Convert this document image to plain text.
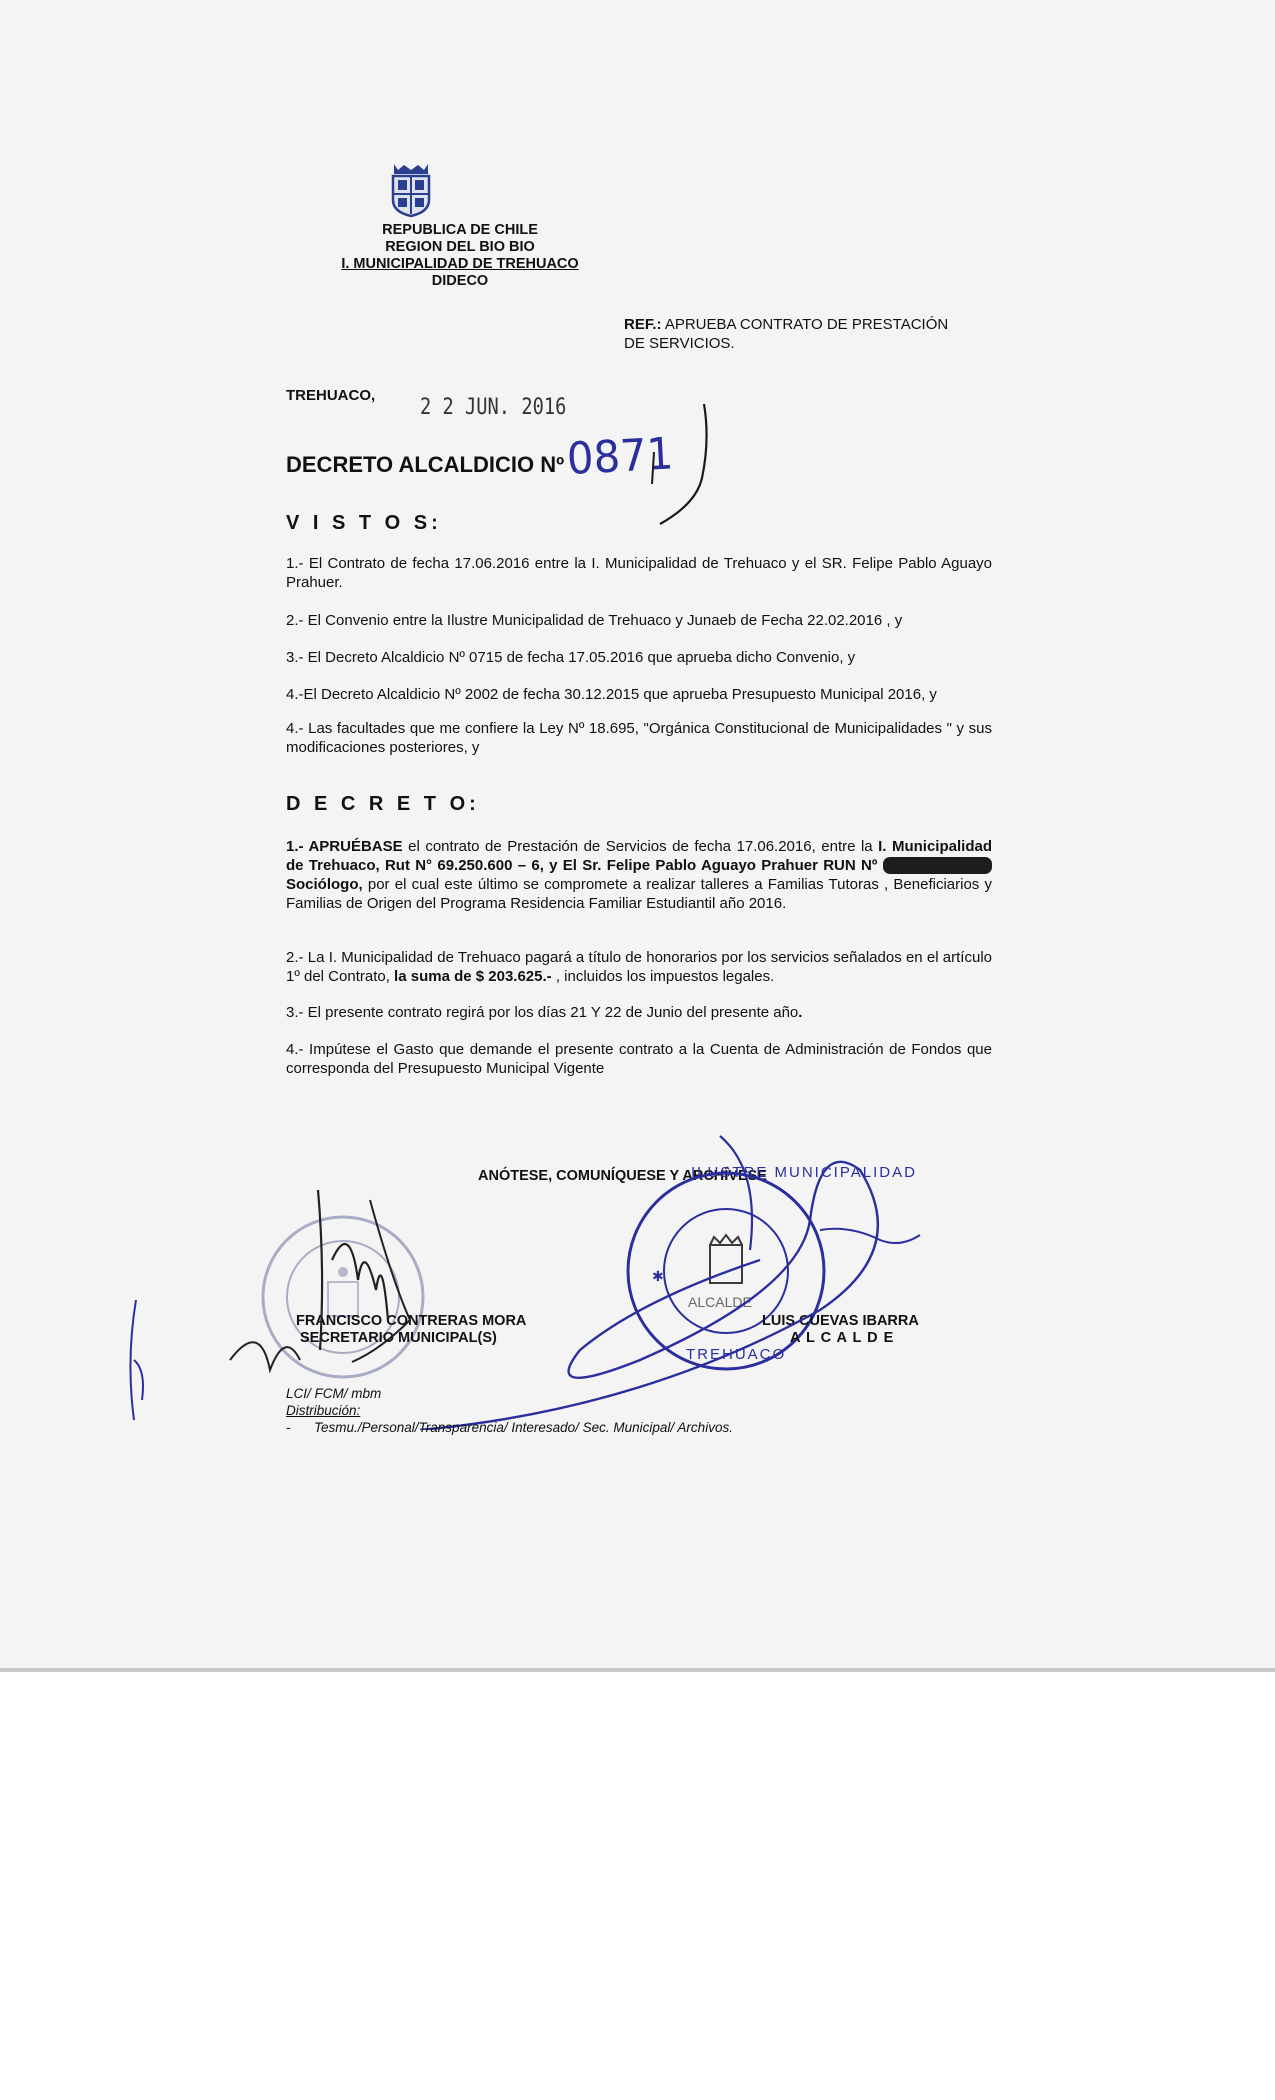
REPUBLICA DE CHILE
REGION DEL BIO BIO
I. MUNICIPALIDAD DE TREHUACO
DIDECO
REF.: APRUEBA CONTRATO DE PRESTACIÓN
DE SERVICIOS.
TREHUACO, 2 2 JUN. 2016
DECRETO ALCALDICIO Nº 0871
V I S T O S:
1.- El Contrato de fecha 17.06.2016 entre la I. Municipalidad de Trehuaco y el SR. Felipe Pablo Aguayo Prahuer.
2.- El Convenio entre la Ilustre Municipalidad de Trehuaco y Junaeb de Fecha 22.02.2016 , y
3.- El Decreto Alcaldicio Nº 0715 de fecha 17.05.2016 que aprueba dicho Convenio, y
4.-El Decreto Alcaldicio Nº 2002 de fecha 30.12.2015 que aprueba Presupuesto Municipal 2016, y
4.- Las facultades que me confiere la Ley Nº 18.695, "Orgánica Constitucional de Municipalidades " y sus modificaciones posteriores, y
D E C R E T O:
1.- APRUÉBASE el contrato de Prestación de Servicios de fecha 17.06.2016, entre la I. Municipalidad de Trehuaco, Rut N° 69.250.600 – 6, y El Sr. Felipe Pablo Aguayo Prahuer RUN Nº Sociólogo, por el cual este último se compromete a realizar talleres a Familias Tutoras , Beneficiarios y Familias de Origen del Programa Residencia Familiar Estudiantil año 2016.
2.- La I. Municipalidad de Trehuaco pagará a título de honorarios por los servicios señalados en el artículo 1º del Contrato, la suma de $ 203.625.- , incluidos los impuestos legales.
3.- El presente contrato regirá por los días 21 Y 22 de Junio del presente año.
4.- Impútese el Gasto que demande el presente contrato a la Cuenta de Administración de Fondos que corresponda del Presupuesto Municipal Vigente
ANÓTESE, COMUNÍQUESE Y ARCHÍVESE
✱
ILUSTRE MUNICIPALIDAD
ALCALDE
TREHUACO
FRANCISCO CONTRERAS MORA
SECRETARIO MUNICIPAL(S)
LUIS CUEVAS IBARRA
A L C A L D E
LCI/ FCM/ mbm
Distribución:
- Tesmu./Personal/Transparencia/ Interesado/ Sec. Municipal/ Archivos.
